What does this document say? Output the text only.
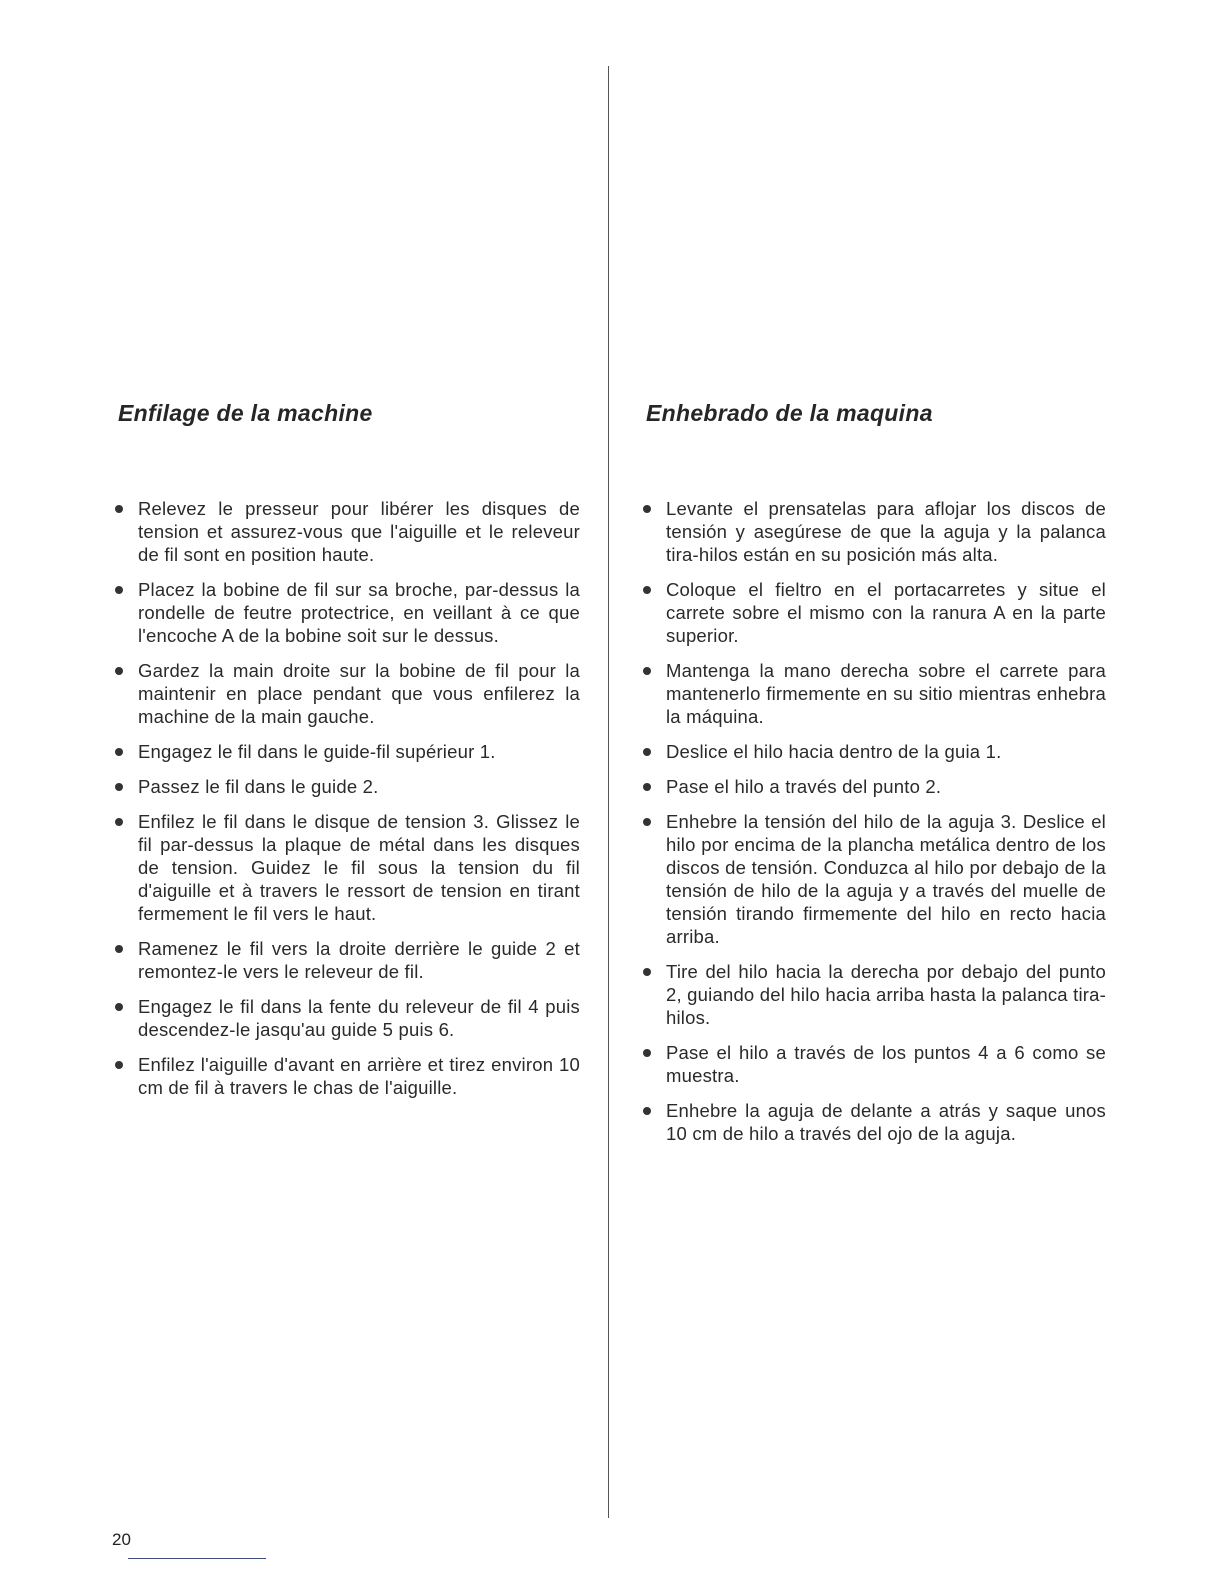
Enfilage de la machine
Relevez le presseur pour libérer les disques de tension et assurez-vous que l'aiguille et le releveur de fil sont en position haute.
Placez la bobine de fil sur sa broche, par-dessus la rondelle de feutre protectrice, en veillant à ce que l'encoche A de la bobine soit sur le dessus.
Gardez la main droite sur la bobine de fil pour la maintenir en place pendant que vous enfilerez la machine de la main gauche.
Engagez le fil dans le guide-fil supérieur 1.
Passez le fil dans le guide 2.
Enfilez le fil dans le disque de tension 3. Glissez le fil par-dessus la plaque de métal dans les disques de tension. Guidez le fil sous la tension du fil d'aiguille et à travers le ressort de tension en tirant fermement le fil vers le haut.
Ramenez le fil vers la droite derrière le guide 2 et remontez-le vers le releveur de fil.
Engagez le fil dans la fente du releveur de fil 4 puis descendez-le jasqu'au guide 5 puis 6.
Enfilez l'aiguille d'avant en arrière et tirez environ 10 cm de fil à travers le chas de l'aiguille.
Enhebrado de la maquina
Levante el prensatelas para aflojar los discos de tensión y asegúrese de que la aguja y la palanca tira-hilos están en su posición más alta.
Coloque el fieltro en el portacarretes y situe el carrete sobre el mismo con la ranura A en la parte superior.
Mantenga la mano derecha sobre el carrete para mantenerlo firmemente en su sitio mientras enhebra la máquina.
Deslice el hilo hacia dentro de la guia 1.
Pase el hilo a través del punto 2.
Enhebre la tensión del hilo de la aguja 3. Deslice el hilo por encima de la plancha metálica dentro de los discos de tensión. Conduzca al hilo por debajo de la tensión de hilo de la aguja y a través del muelle de tensión tirando firmemente del hilo en recto hacia arriba.
Tire del hilo hacia la derecha por debajo del punto 2, guiando del hilo hacia arriba hasta la palanca tira-hilos.
Pase el hilo a través de los puntos 4 a 6 como se muestra.
Enhebre la aguja de delante a atrás y saque unos 10 cm de hilo a través del ojo de la aguja.
20
